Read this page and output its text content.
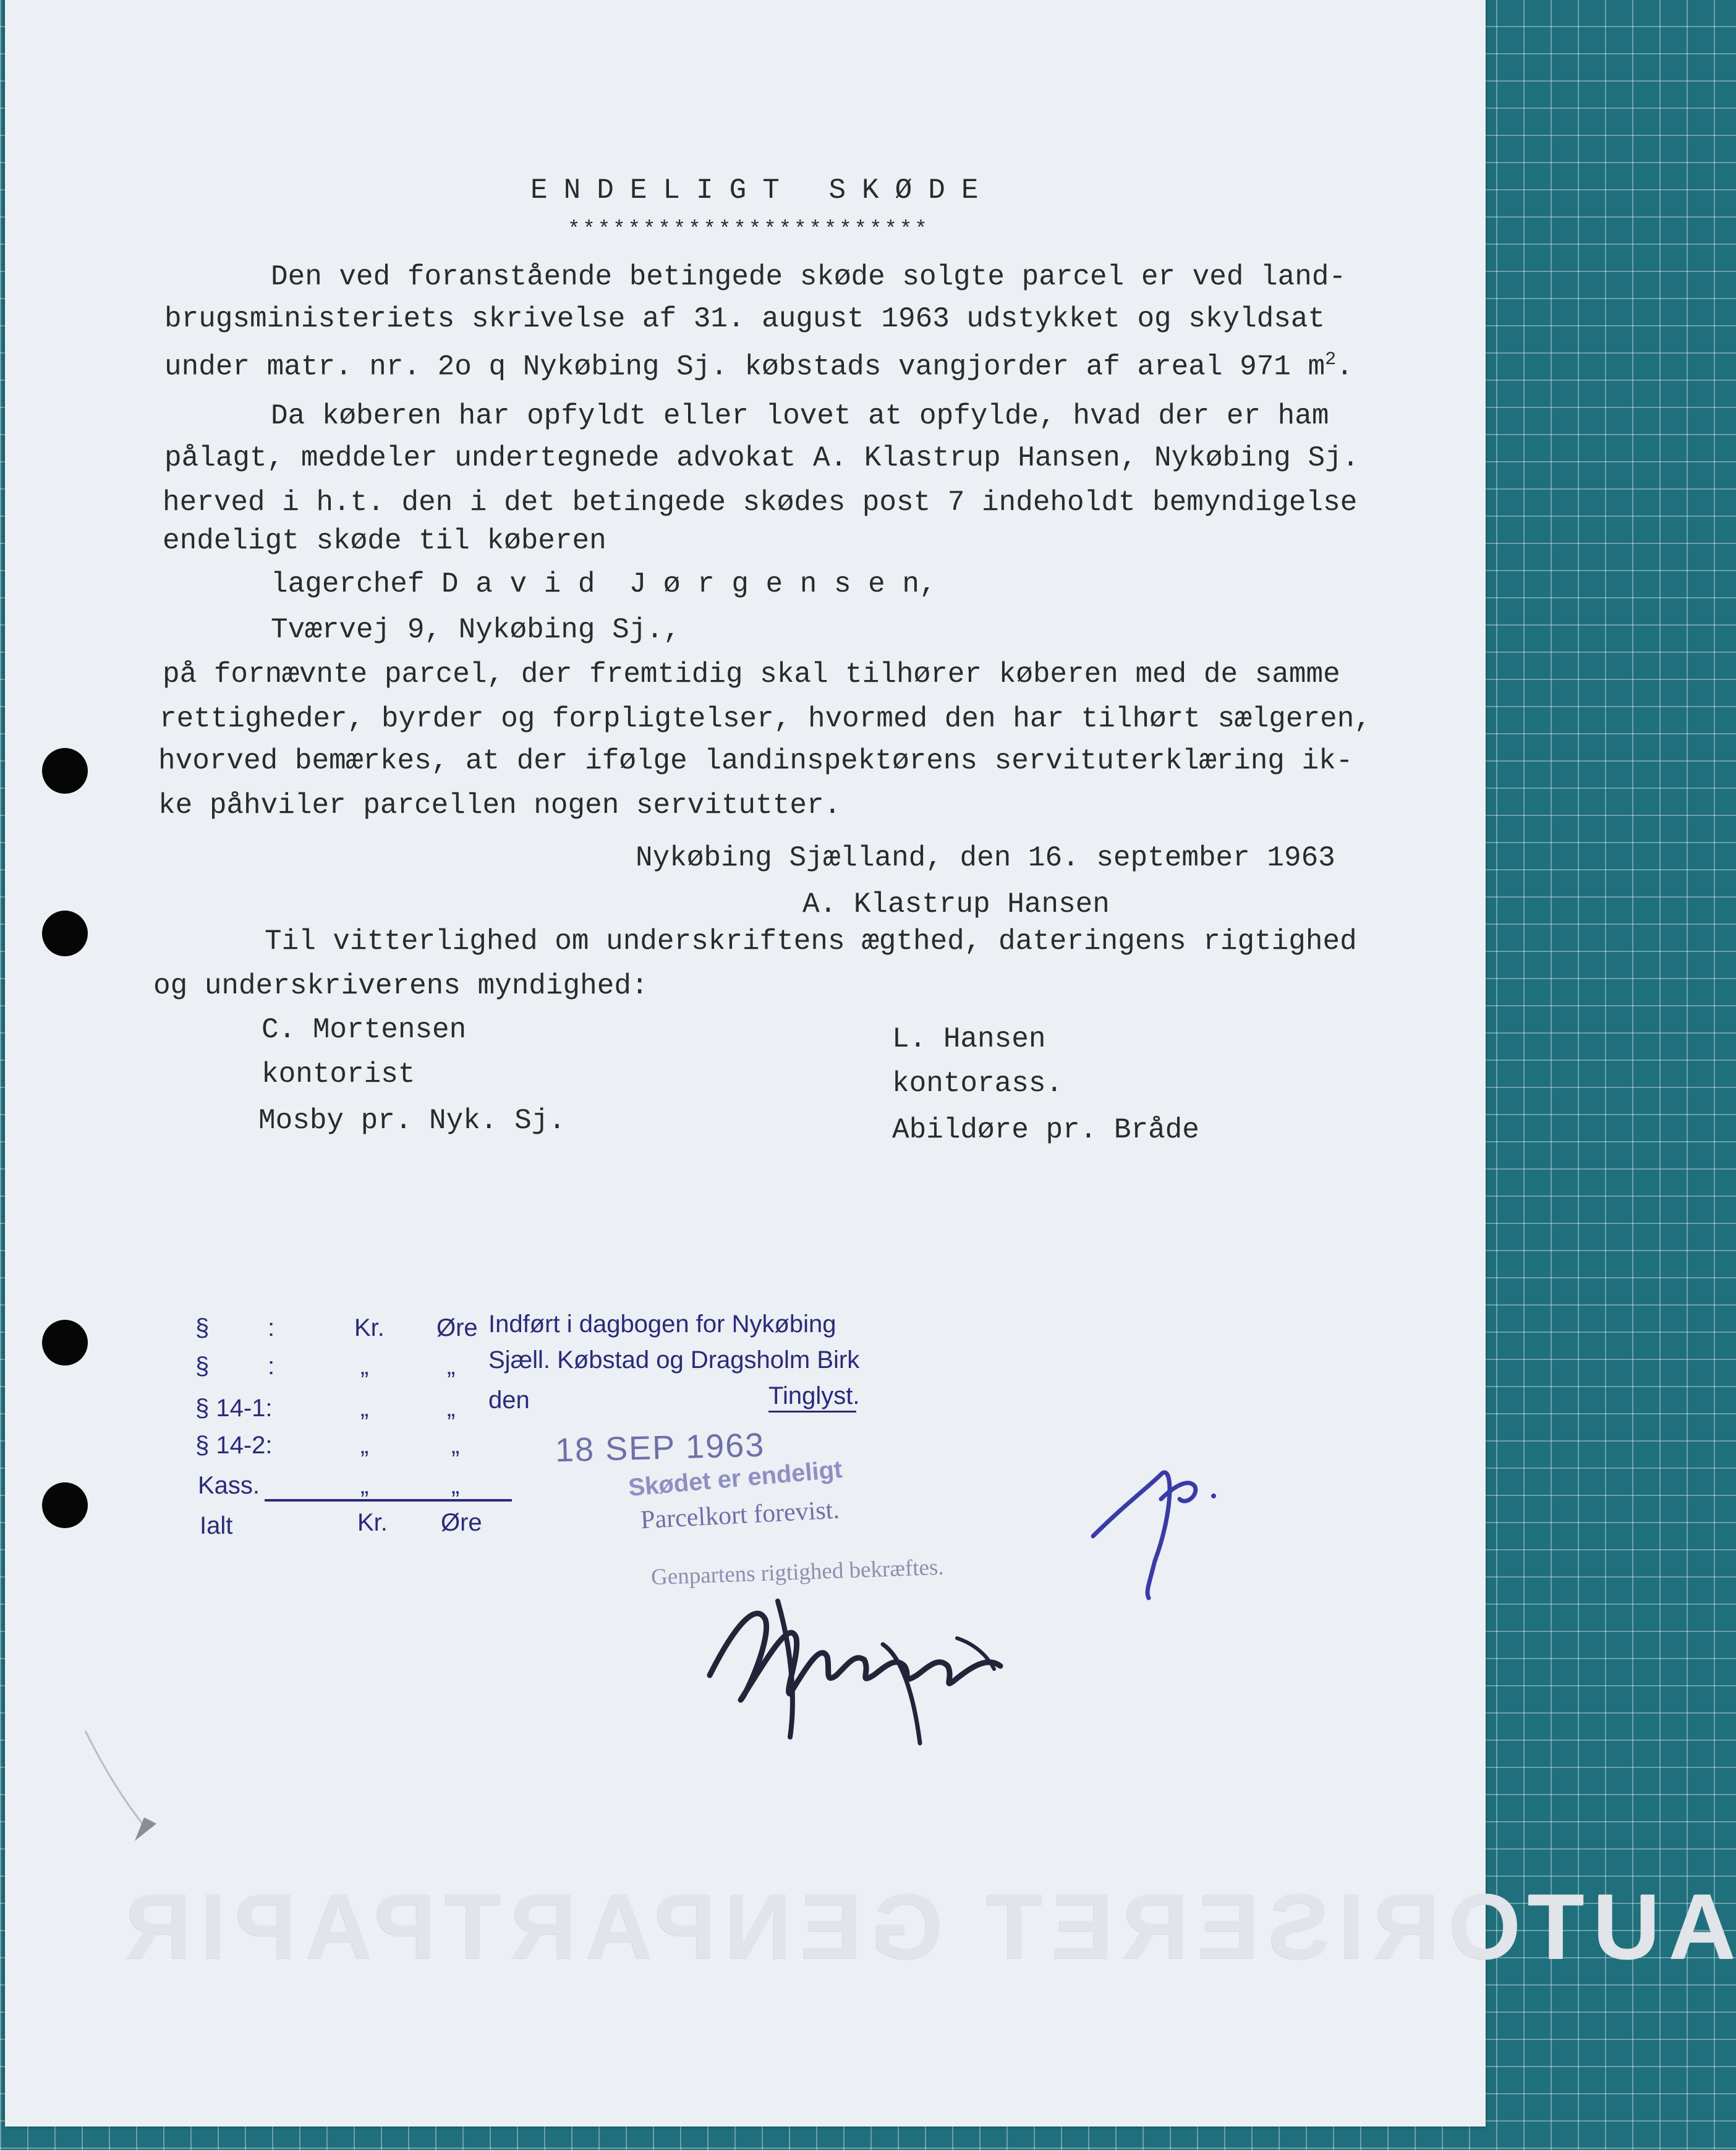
ENDELIGT SKØDE
************************
Den ved foranstående betingede skøde solgte parcel er ved land-
brugsministeriets skrivelse af 31. august 1963 udstykket og skyldsat
under matr. nr. 2o q Nykøbing Sj. købstads vangjorder af areal 971 $m^2$.
Da køberen har opfyldt eller lovet at opfylde, hvad der er ham
pålagt, meddeler undertegnede advokat A. Klastrup Hansen, Nykøbing Sj.
herved i h.t. den i det betingede skødes post 7 indeholdt bemyndigelse
endeligt skøde til køberen
lagerchef D a v i d  J ø r g e n s e n,
Tværvej 9, Nykøbing Sj.,
på fornævnte parcel, der fremtidig skal tilhører køberen med de samme
rettigheder, byrder og forpligtelser, hvormed den har tilhørt sælgeren,
hvorved bemærkes, at der ifølge landinspektørens servituterklæring ik-
ke påhviler parcellen nogen servitutter.
Nykøbing Sjælland, den 16. september 1963
A. Klastrup Hansen
Til vitterlighed om underskriftens ægthed, dateringens rigtighed
og underskriverens myndighed:
C. Mortensen
kontorist
Mosby pr. Nyk. Sj.
L. Hansen
kontorass.
Abildøre pr. Bråde
§ :	Kr. Øre
§ :	„	„
§ 14-1:	„	„
§ 14-2:	„	„
Kass.	„	„
Ialt	Kr. Øre
Indført i dagbogen for Nykøbing
Sjæll. Købstad og Dragsholm Birk
den	Tinglyst.
18 SEP 1963
Skødet er endeligt
Parcelkort forevist.
Genpartens rigtighed bekræftes.
AUTORISERET GENPARTPAPIR
